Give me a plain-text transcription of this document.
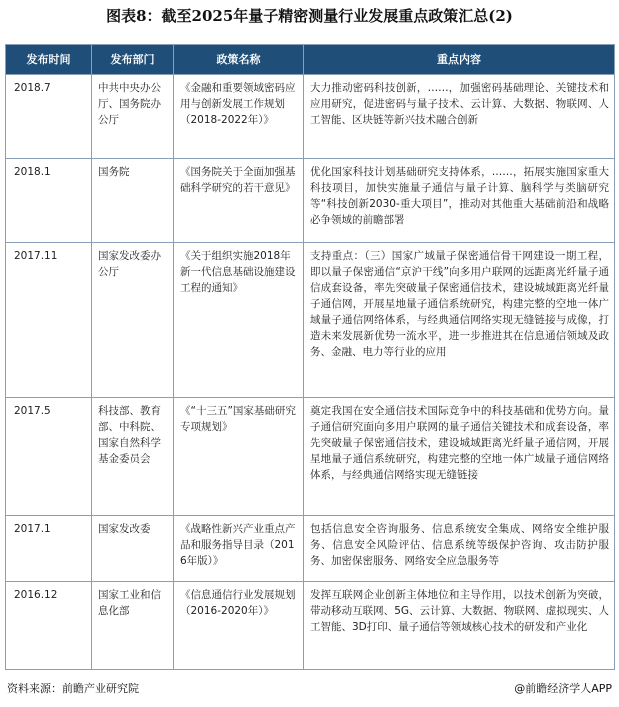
图表8：截至2025年量子精密测量行业发展重点政策汇总(2)
发布时间	发布部门	政策名称	重点内容
2018.7	中共中央办公厅、国务院办公厅	《金融和重要领域密码应用与创新发展工作规划（2018-2022年）》	大力推动密码科技创新，……，加强密码基础理论、关键技术和应用研究，促进密码与量子技术、云计算、大数据、物联网、人工智能、区块链等新兴技术融合创新
2018.1	国务院	《国务院关于全面加强基础科学研究的若干意见》	优化国家科技计划基础研究支持体系，……，拓展实施国家重大科技项目，加快实施量子通信与量子计算、脑科学与类脑研究等“科技创新2030-重大项目”，推动对其他重大基础前沿和战略必争领域的前瞻部署
2017.11	国家发改委办公厅	《关于组织实施2018年新一代信息基础设施建设工程的通知》	支持重点：（三）国家广域量子保密通信骨干网建设一期工程，即以量子保密通信“京沪干线”向多用户联网的远距离光纤量子通信成套设备，率先突破量子保密通信技术，建设城域距离光纤量子通信网，开展星地量子通信系统研究，构建完整的空地一体广域量子通信网络体系，与经典通信网络实现无缝链接与成像，打造未来发展新优势一流水平，进一步推进其在信息通信领域及政务、金融、电力等行业的应用
2017.5	科技部、教育部、中科院、国家自然科学基金委员会	《“十三五”国家基础研究专项规划》	奠定我国在安全通信技术国际竞争中的科技基础和优势方向。量子通信研究面向多用户联网的量子通信关键技术和成套设备，率先突破量子保密通信技术，建设城域距离光纤量子通信网，开展星地量子通信系统研究，构建完整的空地一体广域量子通信网络体系，与经典通信网络实现无缝链接
2017.1	国家发改委	《战略性新兴产业重点产品和服务指导目录（2016年版）》	包括信息安全咨询服务、信息系统安全集成、网络安全维护服务、信息安全风险评估、信息系统等级保护咨询、攻击防护服务、加密保密服务、网络安全应急服务等
2016.12	国家工业和信息化部	《信息通信行业发展规划（2016-2020年）》	发挥互联网企业创新主体地位和主导作用，以技术创新为突破，带动移动互联网、5G、云计算、大数据、物联网、虚拟现实、人工智能、3D打印、量子通信等领域核心技术的研发和产业化
资料来源：前瞻产业研究院	@前瞻经济学人APP
